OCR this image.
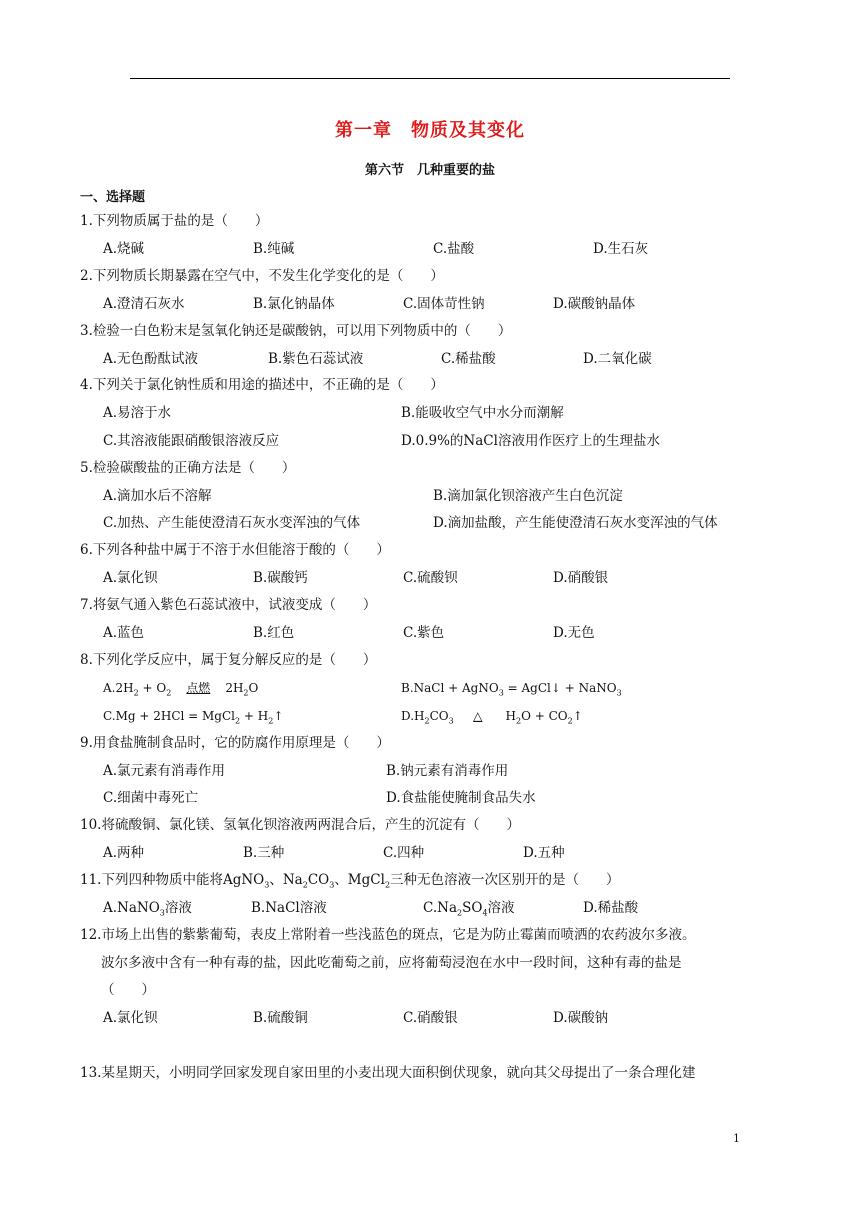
第一章　物质及其变化
第六节　几种重要的盐
一、选择题
1.下列物质属于盐的是（　　）
A.烧碱	B.纯碱	C.盐酸	D.生石灰
2.下列物质长期暴露在空气中，不发生化学变化的是（　　）
A.澄清石灰水	B.氯化钠晶体	C.固体苛性钠	D.碳酸钠晶体
3.检验一白色粉末是氢氧化钠还是碳酸钠，可以用下列物质中的（　　）
A.无色酚酞试液	B.紫色石蕊试液	C.稀盐酸	D.二氧化碳
4.下列关于氯化钠性质和用途的描述中，不正确的是（　　）
A.易溶于水	B.能吸收空气中水分而潮解
C.其溶液能跟硝酸银溶液反应	D.0.9%的NaCl溶液用作医疗上的生理盐水
5.检验碳酸盐的正确方法是（　　）
A.滴加水后不溶解	B.滴加氯化钡溶液产生白色沉淀
C.加热、产生能使澄清石灰水变浑浊的气体	D.滴加盐酸，产生能使澄清石灰水变浑浊的气体
6.下列各种盐中属于不溶于水但能溶于酸的（　　）
A.氯化钡	B.碳酸钙	C.硫酸钡	D.硝酸银
7.将氨气通入紫色石蕊试液中，试液变成（　　）
A.蓝色	B.红色	C.紫色	D.无色
8.下列化学反应中，属于复分解反应的是（　　）
$A.2H_2 + O_2$ 点燃 $2H_2O$	B.NaCl + AgNO$_3$ = AgCl↓ + NaNO$_3$
C.Mg + 2HCl = MgCl$_2$ + $H_2↑$	$D.H_2CO_3$ △ $H_2O$ + $CO_2↑$
9.用食盐腌制食品时，它的防腐作用原理是（　　）
A.氯元素有消毒作用	B.钠元素有消毒作用
C.细菌中毒死亡	D.食盐能使腌制食品失水
10.将硫酸铜、氯化镁、氢氧化钡溶液两两混合后，产生的沉淀有（　　）
A.两种	B.三种	C.四种	D.五种
11.下列四种物质中能将AgNO$_3$、$Na_2CO_3$、MgCl$_2$三种无色溶液一次区别开的是（　　）
A.NaNO$_3$溶液	B.NaCl溶液	$C.Na_2SO_4$溶液	D.稀盐酸
12.市场上出售的紫紫葡萄，表皮上常附着一些浅蓝色的斑点，它是为防止霉菌而喷洒的农药波尔多液。
波尔多液中含有一种有毒的盐，因此吃葡萄之前，应将葡萄浸泡在水中一段时间，这种有毒的盐是
（　　）
A.氯化钡	B.硫酸铜	C.硝酸银	D.碳酸钠
13.某星期天，小明同学回家发现自家田里的小麦出现大面积倒伏现象，就向其父母提出了一条合理化建
1
